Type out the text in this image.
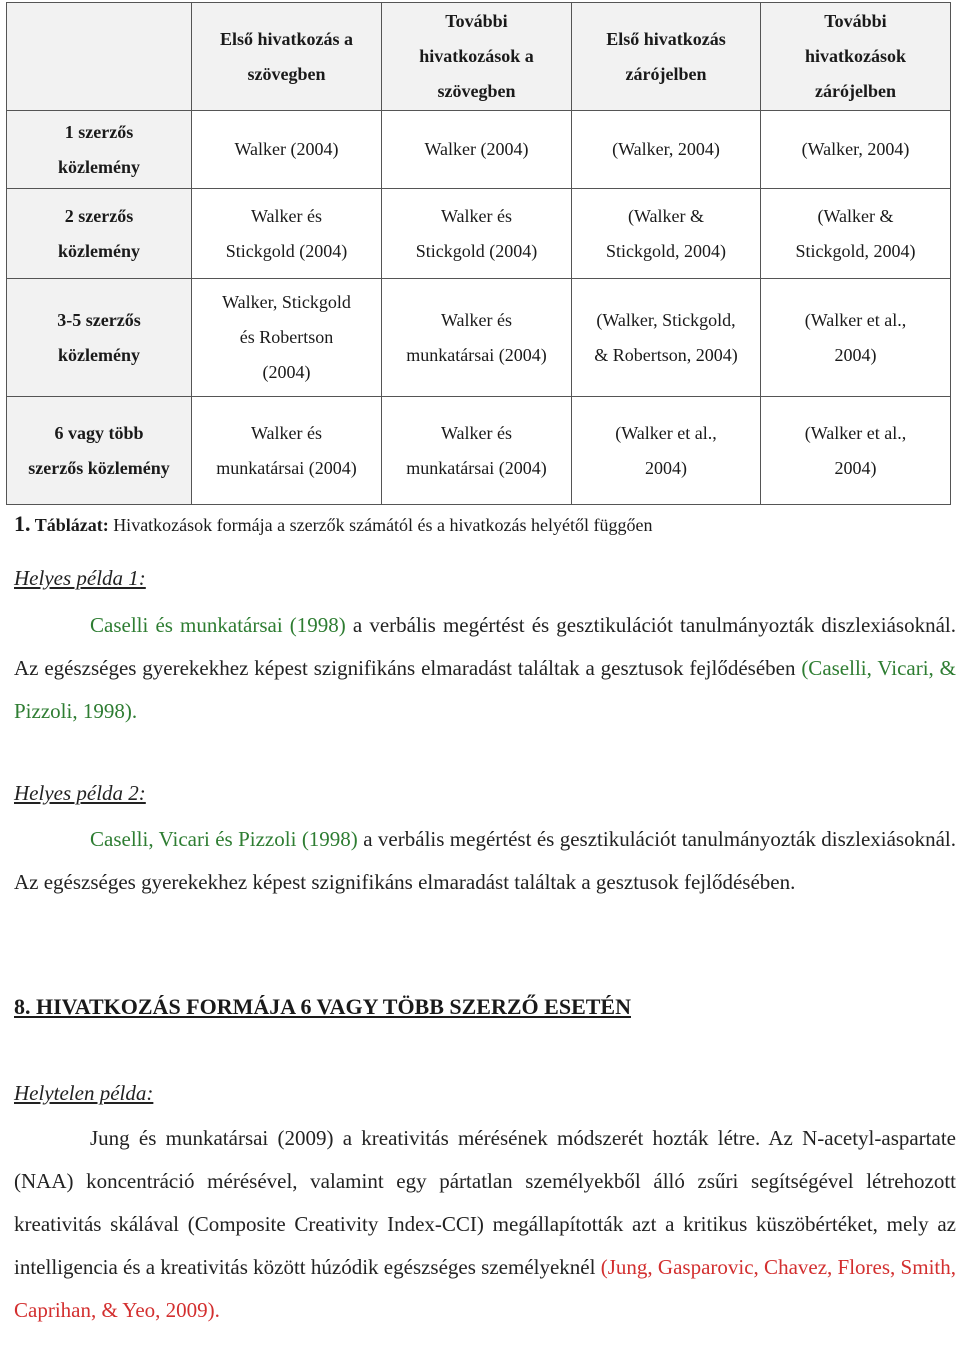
	Első hivatkozás a
szövegben	További
hivatkozások a
szövegben	Első hivatkozás
zárójelben	További
hivatkozások
zárójelben

1 szerzős
közlemény	Walker (2004)	Walker (2004)	(Walker, 2004)	(Walker, 2004)

2 szerzős
közlemény	Walker és
Stickgold (2004)	Walker és
Stickgold (2004)	(Walker &
Stickgold, 2004)	(Walker &
Stickgold, 2004)

3-5 szerzős
közlemény	Walker, Stickgold
és Robertson
(2004)	Walker és
munkatársai (2004)	(Walker, Stickgold,
& Robertson, 2004)	(Walker et al.,
2004)

6 vagy több
szerzős közlemény	Walker és
munkatársai (2004)	Walker és
munkatársai (2004)	(Walker et al.,
2004)	(Walker et al.,
2004)
1. Táblázat: Hivatkozások formája a szerzők számától és a hivatkozás helyétől függően
Helyes példa 1:
Caselli és munkatársai (1998) a verbális megértést és gesztikulációt tanulmányozták diszlexiásoknál. Az egészséges gyerekekhez képest szignifikáns elmaradást találtak a gesztusok fejlődésében (Caselli, Vicari, & Pizzoli, 1998).
Helyes példa 2:
Caselli, Vicari és Pizzoli (1998) a verbális megértést és gesztikulációt tanulmányozták diszlexiásoknál. Az egészséges gyerekekhez képest szignifikáns elmaradást találtak a gesztusok fejlődésében.
8. HIVATKOZÁS FORMÁJA 6 VAGY TÖBB SZERZŐ ESETÉN
Helytelen példa:
Jung és munkatársai (2009) a kreativitás mérésének módszerét hozták létre. Az N-acetyl-aspartate (NAA) koncentráció mérésével, valamint egy pártatlan személyekből álló zsűri segítségével létrehozott kreativitás skálával (Composite Creativity Index-CCI) megállapították azt a kritikus küszöbértéket, mely az intelligencia és a kreativitás között húzódik egészséges személyeknél (Jung, Gasparovic, Chavez, Flores, Smith, Caprihan, & Yeo, 2009).
